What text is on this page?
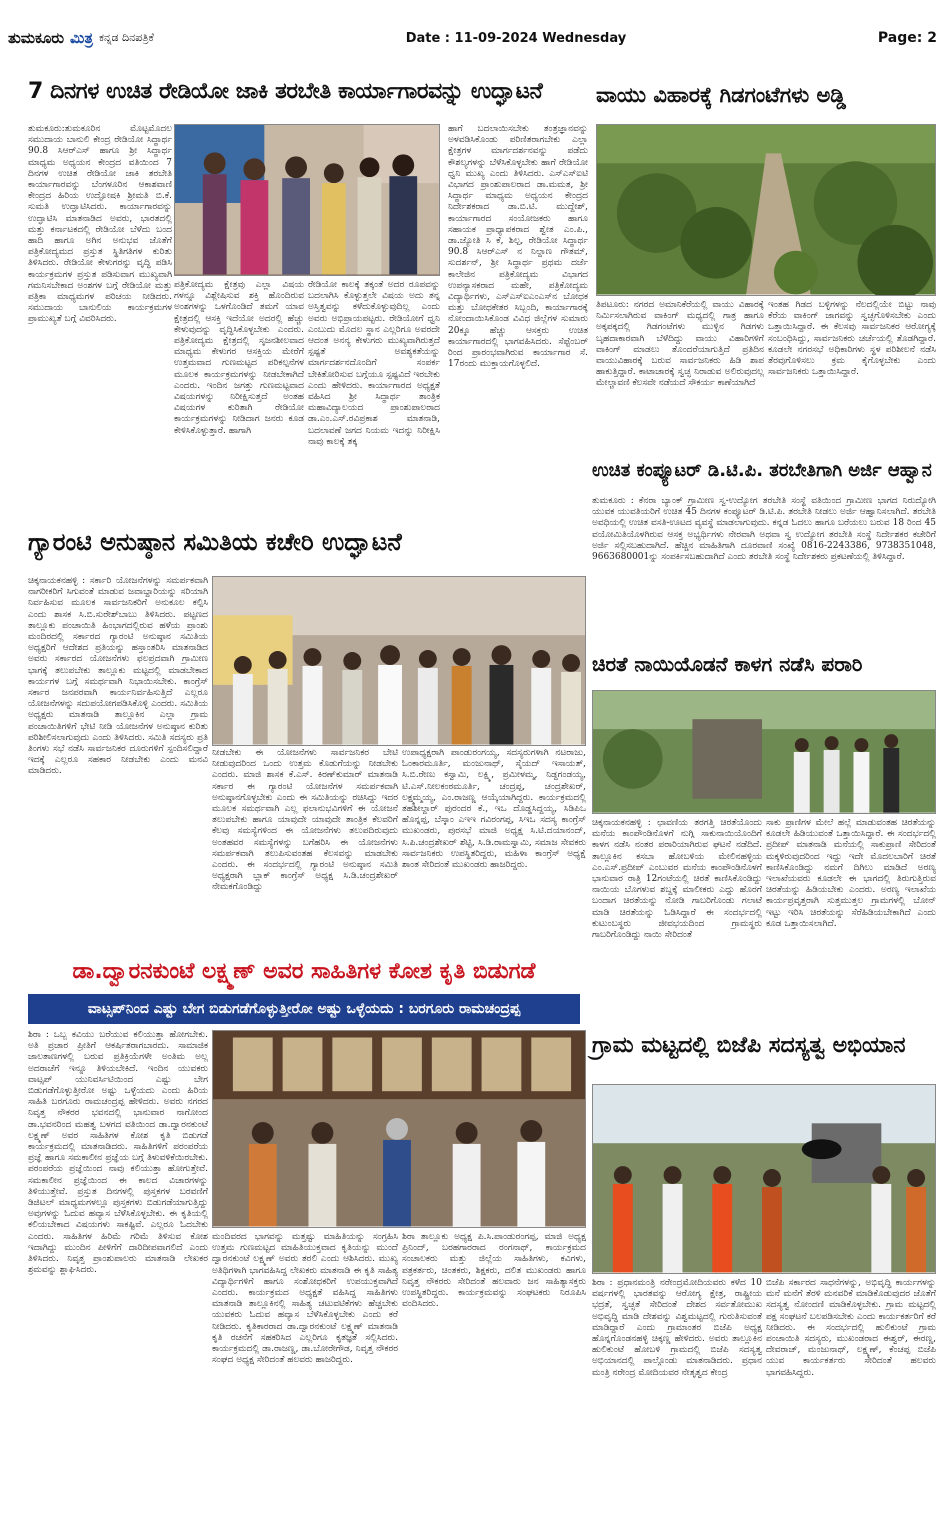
ತುಮಕೂರು ಮಿತ್ರ ಕನ್ನಡ ದಿನಪತ್ರಿಕೆ	Date : 11-09-2024 Wednesday	Page: 2
7 ದಿನಗಳ ಉಚಿತ ರೇಡಿಯೋ ಜಾಕಿ ತರಬೇತಿ ಕಾರ್ಯಾಗಾರವನ್ನು ಉದ್ಘಾಟನೆ
ತುಮಕೂರು:ತುಮಕೂರಿನ ಮೊಟ್ಟಮೊದಲ ಸಮುದಾಯ ಬಾನುಲಿ ಕೇಂದ್ರ ರೇಡಿಯೋ ಸಿದ್ಧಾರ್ಥ 90.8 ಸಿಆರ್‌ಎಸ್ ಹಾಗೂ ಶ್ರೀ ಸಿದ್ಧಾರ್ಥ ಮಾಧ್ಯಮ ಅಧ್ಯಯನ ಕೇಂದ್ರದ ವತಿಯಿಂದ 7 ದಿನಗಳ ಉಚಿತ ರೇಡಿಯೋ ಜಾಕಿ ತರಬೇತಿ ಕಾರ್ಯಾಗಾರವನ್ನು ಬೆಂಗಳೂರಿನ ಆಕಾಶವಾಣಿ ಕೇಂದ್ರದ ಹಿರಿಯ ಉದ್ಘೋಷಕಿ ಶ್ರೀಮತಿ ಬಿ.ಕೆ. ಸುಮತಿ ಉದ್ಘಾಟಿಸಿದರು. ಕಾರ್ಯಾಗಾರವನ್ನು ಉದ್ಘಾಟಿಸಿ ಮಾತನಾಡಿದ ಅವರು, ಭಾರತದಲ್ಲಿ ಮತ್ತು ಕರ್ನಾಟಕದಲ್ಲಿ ರೇಡಿಯೋ ಬೆಳೆದು ಬಂದ ಹಾದಿ ಹಾಗೂ ಅಗಿನ ಅನುಭವ ಜೊತೆಗೆ ಪತ್ರಿಕೋದ್ಯಮದ ಪ್ರಸ್ತುತ ಸ್ಥಿತಿಗತಿಗಳ ಕುರಿತು ತಿಳಿಸಿದರು. ರೇಡಿಯೋ ಕೇಳುಗರನ್ನು ವೃದ್ಧಿ ಪಡಿಸಿ ಕಾರ್ಯಕ್ರಮಗಳ ಪ್ರಸ್ತುತ ಪಡಿಸುವಾಗ ಮುಖ್ಯವಾಗಿ ಗಮನಿಸಬೇಕಾದ ಅಂಶಗಳ ಬಗ್ಗೆ ರೇಡಿಯೋ ಮತ್ತು ಪತ್ರಿಕಾ ಮಾಧ್ಯಮಗಳ ಪರಿಚಯ ನೀಡಿದರು. ಸಮುದಾಯ ಬಾನುಲಿಯ ಕಾರ್ಯಕ್ರಮಗಳ ಪ್ರಾಮುಖ್ಯತೆ ಬಗ್ಗೆ ವಿವರಿಸಿದರು.
ಪತ್ರಿಕೋದ್ಯಮ ಕ್ಷೇತ್ರವು ಎಲ್ಲಾ ವಿಷಯ ಗಳನ್ನೂ ವಿಶ್ಲೇಷಿಸುವ ಶಕ್ತಿ ಹೊಂದಿರುವ ಅಂಶಗಳನ್ನು ಒಳಗೊಂಡಿದೆ ತಮಗೆ ಯಾವ ಕ್ಷೇತ್ರದಲ್ಲಿ ಆಸಕ್ತಿ ಇದೆಯೋ ಅದರಲ್ಲಿ ಹೆಚ್ಚು ಕೇಳುವುದನ್ನು ವೃದ್ಧಿಸಿಕೊಳ್ಳಬೇಕು ಎಂದರು. ಪತ್ರಿಕೋದ್ಯಮ ಕ್ಷೇತ್ರದಲ್ಲಿ ಸೃಜನಶೀಲವಾದ ಮಾಧ್ಯಮ ಕೇಳುಗರ ಆಸಕ್ತಿಯ ಮೇರೆಗೆ ಉತ್ತಮವಾದ ಗುಣಮಟ್ಟದ ಪರಿಕಲ್ಪನೆಗಳ ಮೂಲಕ ಕಾರ್ಯಕ್ರಮಗಳನ್ನು ನೀಡಬೇಕಾಗಿದೆ ಎಂದರು. ಇಂದಿನ ಜಗತ್ತು ಗುಣಮಟ್ಟವಾದ ವಿಷಯಗಳನ್ನು ನಿರೀಕ್ಷಿಸುತ್ತದೆ ಅಂತಹ ವಿಷಯಗಳ ಕುರಿತಾಗಿ ರೇಡಿಯೋ ಕಾರ್ಯಕ್ರಮಗಳನ್ನು ನೀಡಿದಾಗ ಜನರು ಕೂಡ ಕೇಳಿಸಿಕೊಳ್ಳುತ್ತಾರೆ. ಹಾಗಾಗಿ
ರೇಡಿಯೋ ಕಾಲಕ್ಕೆ ತಕ್ಕಂತೆ ಅದರ ರೂಪವನ್ನು ಬದಲಾಗಿಸಿ ಕೊಳ್ಳುತ್ತಲೇ ವಿಷಯ ಅದು ತನ್ನ ಅಸ್ತಿತ್ವವನ್ನು ಕಳೆದುಕೊಳ್ಳುವುದಿಲ್ಲ ಎಂದು ಅವರು ಅಭಿಪ್ರಾಯಪಟ್ಟರು. ರೇಡಿಯೋಗೆ ಧ್ವನಿ ಎಂಬುದು ಮೊದಲ ಸ್ಥಾನ ಎಲ್ಲರಿಗೂ ಅವರದೇ ಆದಂತ ಅನನ್ಯ ಕೇಳುಗರು ಮುಖ್ಯವಾಗಿರುತ್ತದೆ ಸ್ಪಷ್ಟತೆ ಅವಶ್ಯಕತೆಯನ್ನು ಮಾರ್ಗದರ್ಶನದೊಂದಿಗೆ ಸಂಪರ್ಕ ಬೇಕಿತೋರಿಸುವ ಬಗ್ಗೆಯೂ ಸ್ಪಷ್ಟವಿದೆ ಇರಬೇಕು ಎಂದು ಹೇಳಿದರು. ಕಾರ್ಯಾಗಾರದ ಅಧ್ಯಕ್ಷತೆ ವಹಿಸಿದ ಶ್ರೀ ಸಿದ್ಧಾರ್ಥ ತಾಂತ್ರಿಕ ಮಹಾವಿದ್ಯಾಲಯದ ಪ್ರಾಂಶುಪಾಲರಾದ ಡಾ.ಎಂ.ಎಸ್.ರವಿಪ್ರಕಾಶ ಮಾತನಾಡಿ, ಬದಲಾವಣೆ ಜಗದ ನಿಯಮ ಇದನ್ನು ನಿರೀಕ್ಷಿಸಿ ನಾವು ಕಾಲಕ್ಕೆ ತಕ್ಕ
ಹಾಗೆ ಬದಲಾಯಿಸಬೇಕು ತಂತ್ರಜ್ಞಾನವನ್ನು ಅಳವಡಿಸಿಕೊಂಡು ಪರಿಣಿತರಾಗಬೇಕು ಎಲ್ಲಾ ಕ್ಷೇತ್ರಗಳ ಮಾರ್ಗದರ್ಶನವನ್ನು ಪಡೆದು ಕೌಶಲ್ಯಗಳನ್ನು ಬೆಳೆಸಿಕೊಳ್ಳಬೇಕು ಹಾಗೆ ರೇಡಿಯೋ ಧ್ವನಿ ಮುಖ್ಯ ಎಂದು ತಿಳಿಸಿದರು. ಎಸ್‌ಎಸ್‌ಐಟಿ ವಿಭಾಗದ ಪ್ರಾಂಶುಪಾಲರಾದ ಡಾ.ಮಮತ, ಶ್ರೀ ಸಿದ್ಧಾರ್ಥ ಮಾಧ್ಯಮ ಅಧ್ಯಯನ ಕೇಂದ್ರದ ನಿರ್ದೇಶಕರಾದ ಡಾ.ಬಿ.ಟಿ. ಮುದ್ದೇಶ್, ಕಾರ್ಯಾಗಾರದ ಸಂಯೋಜಕರು ಹಾಗೂ ಸಹಾಯಕ ಪ್ರಾಧ್ಯಾಪಕರಾದ ಶ್ವೇತ ಎಂ.ಪಿ., ಡಾ.ಜ್ಯೋತಿ ಸಿ ಕೆ, ಶಿಲ್ಪ, ರೇಡಿಯೋ ಸಿದ್ಧಾರ್ಥ 90.8 ಸಿಆರ್‌ಎಸ್ ನ ನಿಲ್ದಾಣ ಗೌತಮ್, ಸುದರ್ಶನ್, ಶ್ರೀ ಸಿದ್ಧಾರ್ಥ ಪ್ರಥಮ ದರ್ಜೆ ಕಾಲೇಜಿನ ಪತ್ರಿಕೋದ್ಯಮ ವಿಭಾಗದ ಉಪನ್ಯಾಸಕರಾದ ಮಹೇ, ಪತ್ರಿಕೋದ್ಯಮ ವಿದ್ಯಾರ್ಥಿಗಳು, ಎಸ್‌ಎಸ್‌ಐಎಂಎಸ್‌ನ ಬೋಧಕ ಮತ್ತು ಬೋಧಕೇತರ ಸಿಬ್ಬಂದಿ, ಕಾರ್ಯಾಗಾರಕ್ಕೆ ನೋಂದಾಯಿಸಿಕೊಂಡ ವಿವಿಧ ಜಿಲ್ಲೆಗಳ ಸುಮಾರು 20ಕ್ಕೂ ಹೆಚ್ಚು ಆಸಕ್ತರು ಉಚಿತ ಕಾರ್ಯಾಗಾರದಲ್ಲಿ ಭಾಗವಹಿಸಿದರು. ಸೆಪ್ಟೆಂಬರ್ ರಿಂದ ಪ್ರಾರಂಭವಾಗಿರುವ ಕಾರ್ಯಾಗಾರ ಸೆ. 17ರಂದು ಮುಕ್ತಾಯಗೊಳ್ಳಲಿದೆ.
ವಾಯು ವಿಹಾರಕ್ಕೆ ಗಿಡಗಂಟೆಗಳು ಅಡ್ಡಿ
ತಿಪಟೂರು: ನಗರದ ಅಮಾನಿಕೆರೆಯಲ್ಲಿ ವಾಯು ವಿಹಾರಕ್ಕೆ ನಿರ್ಮಿಸಲಾಗಿರುವ ವಾಕಿಂಗ್ ಮಧ್ಯದಲ್ಲಿ ಗಾತ್ರ ಹಾಗೂ ಅಕ್ಕಪಕ್ಕದಲ್ಲಿ ಗಿಡಗಂಟೆಗಳು ಮುಳ್ಳಿನ ಗಿಡಗಳು ಬೃಹದಾಕಾರವಾಗಿ ಬೆಳೆದಿದ್ದು ವಾಯು ವಿಹಾರಿಗಳಿಗೆ ವಾಕಿಂಗ್ ಮಾಡಲು ತೊಂದರೆಯಾಗುತ್ತಿದೆ ಪ್ರತಿದಿನ ವಾಯುವಿಹಾರಕ್ಕೆ ಬರುವ ಸಾರ್ವಜನಿಕರು ಹಿಡಿ ಶಾಪ ಹಾಕುತ್ತಿದ್ದಾರೆ. ಕಾಟಾಚಾರಕ್ಕೆ ಸ್ವಚ್ಛ ನಿರಾಡುವ ಅಲಿರುವುದಲ್ಲ ಮೇಲ್ಚಾವಣಿ ಕೆಲಸವೇ ನಡೆಯದೆ ಸೌಕರ್ಯ ಕಾಣೆಯಾಗಿದೆ
ಇಂತಹ ಗಿಡದ ಬಳ್ಳಿಗಳನ್ನು ನೆಲದಲ್ಲಿಯೇ ಬಿಟ್ಟು ನಾವು ಕೆರೆಯ ವಾಕಿಂಗ್ ಜಾಗವನ್ನು ಸ್ವಚ್ಛಗೊಳಿಸಬೇಕು ಎಂದು ಒತ್ತಾಯಿಸಿದ್ದಾರೆ. ಈ ಕೆಲಸವು ಸಾರ್ವಜನಿಕರ ಆರೋಗ್ಯಕ್ಕೆ ಸಂಬಂಧಿಸಿದ್ದು, ಸಾರ್ವಜನಿಕರು ಚರ್ಚೆಯಲ್ಲಿ ತೊಡಗಿದ್ದಾರೆ. ಕೂಡಲೇ ನಗರಸಭೆ ಅಧಿಕಾರಿಗಳು ಸ್ಥಳ ಪರಿಶೀಲನೆ ನಡೆಸಿ ತೆರವುಗೊಳಿಸಲು ಕ್ರಮ ಕೈಗೊಳ್ಳಬೇಕು ಎಂದು ಸಾರ್ವಜನಿಕರು ಒತ್ತಾಯಿಸಿದ್ದಾರೆ.
ಉಚಿತ ಕಂಪ್ಯೂಟರ್ ಡಿ.ಟಿ.ಪಿ. ತರಬೇತಿಗಾಗಿ ಅರ್ಜಿ ಆಹ್ವಾನ
ತುಮಕೂರು : ಕೆನರಾ ಬ್ಯಾಂಕ್ ಗ್ರಾಮೀಣ ಸ್ವ-ಉದ್ಯೋಗ ತರಬೇತಿ ಸಂಸ್ಥೆ ವತಿಯಿಂದ ಗ್ರಾಮೀಣ ಭಾಗದ ನಿರುದ್ಯೋಗಿ ಯುವಕ ಯುವತಿಯರಿಗೆ ಉಚಿತ 45 ದಿನಗಳ ಕಂಪ್ಯೂಟರ್ ಡಿ.ಟಿ.ಪಿ. ತರಬೇತಿ ನೀಡಲು ಅರ್ಜಿ ಆಹ್ವಾನಿಸಲಾಗಿದೆ. ತರಬೇತಿ ಅವಧಿಯಲ್ಲಿ ಉಚಿತ ವಸತಿ-ಊಟದ ವ್ಯವಸ್ಥೆ ಮಾಡಲಾಗುವುದು. ಕನ್ನಡ ಓದಲು ಹಾಗೂ ಬರೆಯಲು ಬರುವ 18 ರಿಂದ 45 ವಯೋಮಿತಿಯೊಳಗಿರುವ ಆಸಕ್ತ ಅಭ್ಯರ್ಥಿಗಳು ನೇರವಾಗಿ ಅಥವಾ ಸ್ವ ಉದ್ಯೋಗ ತರಬೇತಿ ಸಂಸ್ಥೆ ನಿರ್ದೇಶಕರ ಕಚೇರಿಗೆ ಅರ್ಜಿ ಸಲ್ಲಿಸಬಹುದಾಗಿದೆ. ಹೆಚ್ಚಿನ ಮಾಹಿತಿಗಾಗಿ ದೂರವಾಣಿ ಸಂಖ್ಯೆ 0816-2243386, 9738351048, 9663680001ನ್ನು ಸಂಪರ್ಕಿಸಬಹುದಾಗಿದೆ ಎಂದು ತರಬೇತಿ ಸಂಸ್ಥೆ ನಿರ್ದೇಶಕರು ಪ್ರಕಟಣೆಯಲ್ಲಿ ತಿಳಿಸಿದ್ದಾರೆ.
ಗ್ಯಾರಂಟಿ ಅನುಷ್ಠಾನ ಸಮಿತಿಯ ಕಚೇರಿ ಉದ್ಘಾಟನೆ
ಚಿಕ್ಕನಾಯಕನಹಳ್ಳಿ : ಸರ್ಕಾರಿ ಯೋಜನೆಗಳನ್ನು ಸಮರ್ಪಕವಾಗಿ ನಾಗರೀಕರಿಗೆ ಸಿಗುವಂತೆ ಮಾಡುವ ಜವಾಬ್ದಾರಿಯನ್ನು ಸರಿಯಾಗಿ ನಿರ್ವಹಿಸುವ ಮೂಲಕ ಸಾರ್ವಜನಿಕರಿಗೆ ಅನುಕೂಲ ಕಲ್ಪಿಸಿ ಎಂದು ಶಾಸಕ ಸಿ.ಬಿ.ಸುರೇಶ್‌ಬಾಬು ತಿಳಿಸಿದರು. ಪಟ್ಟಣದ ತಾಲ್ಲೂಕು ಪಂಚಾಯಿತಿ ಹಿಂಭಾಗದಲ್ಲಿರುವ ಹಳೆಯ ಪ್ರಾಂಶು ಮಂದಿರದಲ್ಲಿ ಸರ್ಕಾರದ ಗ್ಯಾರಂಟಿ ಅನುಷ್ಠಾನ ಸಮಿತಿಯ ಅಧ್ಯಕ್ಷರಿಗೆ ಆದೇಶದ ಪ್ರತಿಯನ್ನು ಹಸ್ತಾಂತರಿಸಿ ಮಾತನಾಡಿದ ಅವರು ಸರ್ಕಾರದ ಯೋಜನೆಗಳು ಫಲಪ್ರದವಾಗಿ ಗ್ರಾಮೀಣ ಭಾಗಕ್ಕೆ ತಲುಪಬೇಕು ತಾಲ್ಲೂಕು ಮಟ್ಟದಲ್ಲಿ ಮಾಡಬೇಕಾದ ಕಾರ್ಯಗಳ ಬಗ್ಗೆ ಸಮರ್ಥವಾಗಿ ನಿಭಾಯಿಸಬೇಕು. ಕಾಂಗ್ರೆಸ್ ಸರ್ಕಾರ ಜನಪರವಾಗಿ ಕಾರ್ಯನಿರ್ವಹಿಸುತ್ತಿದೆ ಎಲ್ಲರೂ ಯೋಜನೆಗಳನ್ನು ಸದುಪಯೋಗಪಡಿಸಿಕೊಳ್ಳಿ ಎಂದರು. ಸಮಿತಿಯ ಅಧ್ಯಕ್ಷರು ಮಾತನಾಡಿ ತಾಲ್ಲೂಕಿನ ಎಲ್ಲಾ ಗ್ರಾಮ ಪಂಚಾಯಿತಿಗಳಿಗೆ ಭೇಟಿ ನೀಡಿ ಯೋಜನೆಗಳ ಅನುಷ್ಠಾನ ಕುರಿತು ಪರಿಶೀಲಿಸಲಾಗುವುದು ಎಂದು ತಿಳಿಸಿದರು. ಸಮಿತಿ ಸದಸ್ಯರು ಪ್ರತಿ ತಿಂಗಳು ಸಭೆ ನಡೆಸಿ ಸಾರ್ವಜನಿಕರ ದೂರುಗಳಿಗೆ ಸ್ಪಂದಿಸಲಿದ್ದಾರೆ ಇದಕ್ಕೆ ಎಲ್ಲರೂ ಸಹಕಾರ ನೀಡಬೇಕು ಎಂದು ಮನವಿ ಮಾಡಿದರು.
ನೀಡಬೇಕು ಈ ಯೋಜನೆಗಳು ಸಾರ್ವಜನಿಕರ ಬೇಟಿ ನೀಡುವುದರಿಂದ ಒಂದು ಉತ್ತಮ ಕೊಡುಗೆಯನ್ನು ನೀಡಬೇಕು ಎಂದರು. ಮಾಜಿ ಶಾಸಕ ಕೆ.ಎಸ್. ಕಿರಣ್‌ಕುಮಾರ್ ಮಾತನಾಡಿ ಸರ್ಕಾರ ಈ ಗ್ಯಾರಂಟಿ ಯೋಜನೆಗಳ ಸಮರ್ಪಕವಾಗಿ ಅನುಷ್ಠಾನಗೊಳ್ಳಬೇಕು ಎಂದು ಈ ಸಮಿತಿಯನ್ನು ರಚಿಸಿದ್ದು ಇದರ ಮೂಲಕ ಸಮರ್ಥವಾಗಿ ಎಲ್ಲ ಫಲಾನುಭವಿಗಳಿಗೆ ಈ ಯೋಜನೆ ತಲುಪಬೇಕು ಹಾಗೂ ಯಾವುದೇ ಯಾವುದೇ ತಾಂತ್ರಿಕ ಕೆಲವರಿಗೆ ಕೆಲವು ಸಮಸ್ಯೆಗಳಿಂದ ಈ ಯೋಜನೆಗಳು ತಲುಪದಿರುವುದು ಅಂತಹವರ ಸಮಸ್ಯೆಗಳನ್ನು ಬಗೆಹರಿಸಿ ಈ ಯೋಜನೆಗಳು ಸಮರ್ಪಕವಾಗಿ ತಲುಪಿಸುವಂತಹ ಕೆಲಸವನ್ನು ಮಾಡಬೇಕು ಎಂದರು. ಈ ಸಂದರ್ಭದಲ್ಲಿ ಗ್ಯಾರಂಟಿ ಅನುಷ್ಠಾನ ಸಮಿತಿ ಅಧ್ಯಕ್ಷರಾಗಿ ಬ್ಲಾಕ್ ಕಾಂಗ್ರೆಸ್ ಅಧ್ಯಕ್ಷ ಸಿ.ಡಿ.ಚಂದ್ರಶೇಖರ್ ನೇಮಕಗೊಂಡಿದ್ದು
ಉಪಾಧ್ಯಕ್ಷರಾಗಿ ಪಾಂಡುರಂಗಯ್ಯ, ಸದಸ್ಯರುಗಳಾಗಿ ನಟರಾಜು, ಓಂಕಾರಮೂರ್ತಿ, ಮಂಜುನಾಥ್, ಸೈಯದ್ ಇಸಾಯತ್, ಸಿ.ಬಿ.ರೇಣು ಕಸ್ವಾಮಿ, ಲಕ್ಷ್ಮಿ, ಪ್ರಮೀಳಮ್ಮ, ನಿಡ್ದಗಂಡಯ್ಯ, ಟಿ.ಎಸ್.ನೀಲಕಂಠಮೂರ್ತಿ, ಚಂದ್ರಪ್ಪ, ಚಂದ್ರಶೇಖರ್, ಲಕ್ಷ್ಮಮ್ಮಯ್ಯ, ಎಂ.ರಾಜಣ್ಣ ಆಯ್ಕೆಯಾಗಿದ್ದರು. ಕಾರ್ಯಕ್ರಮದಲ್ಲಿ ತಹಶೀಲ್ದಾರ್ ಪುರಂದರ ಕೆ., ಇಒ ದೊಡ್ಡಸಿದ್ದಯ್ಯ, ಸಿಡಿಪಿಒ ಹೊನ್ನಪ್ಪ, ಬೆಸ್ಕಾಂ ಎಇಇ ಗವಿರಂಗಪ್ಪ, ಸಿಇಒ ಸದಸ್ಯ ಕಾಂಗ್ರೆಸ್ ಮುಖಂಡರು, ಪುರಸಭೆ ಮಾಜಿ ಅಧ್ಯಕ್ಷ ಸಿ.ಟಿ.ದಯಾನಂದ್, ಸಿ.ಪಿ.ಚಂದ್ರಶೇಖರ್ ಶೆಟ್ಟಿ, ಸಿ.ಡಿ.ರಾಮಸ್ವಾಮಿ, ಸಮಾಜ ಸೇವಕರು ಸಾರ್ವಜನಿಕರು ಉಪಸ್ಥಿತರಿದ್ದರು, ಮಹಿಳಾ ಕಾಂಗ್ರೆಸ್ ಅಧ್ಯಕ್ಷೆ ಶಾಂತ ಸೇರಿದಂತೆ ಮುಖಂಡರು ಹಾಜರಿದ್ದರು.
ಚಿರತೆ ನಾಯಿಯೊಡನೆ ಕಾಳಗ ನಡೆಸಿ ಪರಾರಿ
ಚಿಕ್ಕನಾಯಕನಹಳ್ಳಿ : ಛಾವಣಿಯ ತರಗತ್ತಿ ಚಿರತೆಯೊಂದು ಮನೆಯ ಕಾಂಪೌಂಡಿನೊಳಗೆ ನುಗ್ಗಿ ಸಾಕುನಾಯಿಯೊಂದಿಗೆ ಕಾಳಗ ನಡೆಸಿ ನಂತರ ಪರಾರಿಯಾಗಿರುವ ಘಟನೆ ನಡೆದಿದೆ. ತಾಲ್ಲೂಕಿನ ಕಸಬಾ ಹೋಬಳಿಯ ಮೇಲಿನಹಳ್ಳಿಯ ಎಂ.ಎಸ್.ಪ್ರದೀಪ್ ಎಂಬುವರ ಮನೆಯ ಕಾಂಪೌಂಡಿನೊಳಗೆ ಭಾನುವಾರ ರಾತ್ರಿ 12ಗಂಟೆಯಲ್ಲಿ ಚಿರತೆ ಕಾಣಿಸಿಕೊಂಡಿದ್ದು ನಾಯಿಯ ಬೊಗಳುವ ಶಬ್ದಕ್ಕೆ ಮಾಲೀಕರು ಎದ್ದು ಹೊರಗೆ ಬಂದಾಗ ಚಿರತೆಯನ್ನು ನೋಡಿ ಗಾಬರಿಗೊಂಡು ಗಲಾಟೆ ಮಾಡಿ ಚಿರತೆಯನ್ನು ಓಡಿಸಿದ್ದಾರೆ ಈ ಸಂದರ್ಭದಲ್ಲಿ ಕುಟುಂಬಸ್ಥರು ಜೀವಭಯದಿಂದ ಗ್ರಾಮಸ್ಥರು ಗಾಬರಿಗೊಂಡಿದ್ದು ನಾಯಿ ಸೇರಿದಂತೆ
ಸಾಕು ಪ್ರಾಣಿಗಳ ಮೇಲೆ ಹಲ್ಲೆ ಮಾಡುವಂತಹ ಚಿರತೆಯನ್ನು ಕೂಡಲೇ ಹಿಡಿಯುವಂತೆ ಒತ್ತಾಯಿಸಿದ್ದಾರೆ. ಈ ಸಂದರ್ಭದಲ್ಲಿ ಪ್ರದೀಪ್ ಮಾತನಾಡಿ ಮನೆಯಲ್ಲಿ ಸಾಕುಪ್ರಾಣಿ ಸೇರಿದಂತೆ ಮಕ್ಕಳಿರುವುದರಿಂದ ಇದ್ದು ಇದೇ ಮೊದಲಬಾರಿಗೆ ಚಿರತೆ ಕಾಣಿಸಿಕೊಂಡಿದ್ದು ನಮಗೆ ದಿಗಿಲು ಮಾಡಿದೆ ಅರಣ್ಯ ಇಲಾಖೆಯವರು ಕೂಡಲೇ ಈ ಭಾಗದಲ್ಲಿ ತಿರುಗುತ್ತಿರುವ ಚಿರತೆಯನ್ನು ಹಿಡಿಯಬೇಕು ಎಂದರು. ಅರಣ್ಯ ಇಲಾಖೆಯ ಕಾರ್ಯಪ್ರವೃತ್ತರಾಗಿ ಸುತ್ತಮುತ್ತಲ ಗ್ರಾಮಗಳಲ್ಲಿ ಬೋನ್ ಇಟ್ಟು ಇರಿಸಿ ಚಿರತೆಯನ್ನು ಸೆರೆಹಿಡಿಯಬೇಕಾಗಿದೆ ಎಂದು ಕೂಡ ಒತ್ತಾಯಿಸಲಾಗಿದೆ.
ಡಾ.ದ್ವಾರನಕುಂಟೆ ಲಕ್ಷ್ಮಣ್ ಅವರ ಸಾಹಿತಿಗಳ ಕೋಶ ಕೃತಿ ಬಿಡುಗಡೆ
ವಾಟ್ಸಪ್‌ನಿಂದ ಎಷ್ಟು ಬೇಗ ಬಿಡುಗಡೆಗೊಳ್ಳುತ್ತೀರೋ ಅಷ್ಟು ಒಳ್ಳೆಯದು : ಬರಗೂರು ರಾಮಚಂದ್ರಪ್ಪ
ಶಿರಾ : ಒಬ್ಬ ಕವಿಯು ಬರೆಯುವ ಕಲಿಯುತ್ತಾ ಹೋಗಬೇಕು. ಅತಿ ಪ್ರಚಾರ ಪ್ರೀತಿಗೆ ಆಕರ್ಷಿತರಾಗಬಾರದು. ಸಾಮಾಜಿಕ ಜಾಲತಾಣಗಳಲ್ಲಿ ಬರುವ ಪ್ರತಿಕ್ರಿಯೆಗಳೇ ಅಂತಿಮ ಅಲ್ಲ ಅದರಾಚೆಗೆ ಇನ್ನೂ ತಿಳಿಯಬೇಕಿದೆ. ಇಂದಿನ ಯುವಕರು ವಾಟ್ಸಪ್ ಯುನಿವರ್ಸಿಟಿಯಿಂದ ಎಷ್ಟು ಬೇಗ ಬಿಡುಗಡೆಗೊಳ್ಳುತ್ತೀರೋ ಅಷ್ಟು ಒಳ್ಳೆಯದು ಎಂದು ಹಿರಿಯ ಸಾಹಿತಿ ಬರಗೂರು ರಾಮಚಂದ್ರಪ್ಪ ಹೇಳಿದರು. ಅವರು ನಗರದ ನಿವೃತ್ತ ನೌಕರರ ಭವನದಲ್ಲಿ ಭಾನುವಾರ ನಾಗೋಂದ ಡಾ.ಭವನರಿಂದ ಮಹತ್ವ ಬಳಗದ ವತಿಯಿಂದ ಡಾ.ದ್ವಾರನಕುಂಟೆ ಲಕ್ಷ್ಮಣ್ ಅವರ ಸಾಹಿತಿಗಳ ಕೋಶ ಕೃತಿ ಬಿಡುಗಡೆ ಕಾರ್ಯಕ್ರಮದಲ್ಲಿ ಮಾತನಾಡಿದರು. ಸಾಹಿತಿಗಳಿಗೆ ಪರಂಪರೆಯ ಪ್ರಜ್ಞೆ ಹಾಗೂ ಸಮಕಾಲೀನ ಪ್ರಜ್ಞೆಯ ಬಗ್ಗೆ ತಿಳುವಳಿಕೆಯಿರಬೇಕು. ಪರಂಪರೆಯ ಪ್ರಜ್ಞೆಯಿಂದ ನಾವು ಕಲಿಯುತ್ತಾ ಹೋಗುತ್ತೇವೆ. ಸಮಕಾಲೀನ ಪ್ರಜ್ಞೆಯಿಂದ ಈ ಕಾಲದ ವಿಚಾರಗಳನ್ನು ತಿಳಿಯುತ್ತೇವೆ. ಪ್ರಸ್ತುತ ದಿನಗಳಲ್ಲಿ ಪುಸ್ತಕಗಳ ಬರವಣಿಗೆ ಡಿಜಿಟಲ್ ಮಾಧ್ಯಮಗಳಲ್ಲೂ ಪುಸ್ತಕಗಳು ಬಿಡುಗಡೆಯಾಗುತ್ತಿದ್ದು ಅವುಗಳನ್ನು ಓದುವ ಹವ್ಯಾಸ ಬೆಳೆಸಿಕೊಳ್ಳಬೇಕು. ಈ ಕೃತಿಯಲ್ಲಿ ಕಲಿಯಬೇಕಾದ ವಿಷಯಗಳು ಸಾಕಷ್ಟಿವೆ. ಎಲ್ಲರೂ ಓದಬೇಕು ಎಂದರು. ಸಾಹಿತಿಗಳ ಹಿರಿಮೆ ಗರಿಮೆ ತಿಳಿಸುವ ಕೋಶ ಇದಾಗಿದ್ದು ಮುಂದಿನ ಪೀಳಿಗೆಗೆ ದಾರಿದೀಪವಾಗಲಿದೆ ಎಂದು ತಿಳಿಸಿದರು. ನಿವೃತ್ತ ಪ್ರಾಂಶುಪಾಲರು ಮಾತನಾಡಿ ಲೇಖಕರ ಶ್ರಮವನ್ನು ಶ್ಲಾಘಿಸಿದರು.
ಮಂದಿವರದ ಭಾಗವನ್ನು ಮತ್ತಷ್ಟು ಮಾಹಿತಿಯನ್ನು ಸಂಗ್ರಹಿಸಿ ಉತ್ತಮ ಗುಣಮಟ್ಟದ ಮಾಹಿತಿಯುಕ್ತವಾದ ಕೃತಿಯನ್ನು ಮುಂದೆ ದ್ವಾರನಕುಂಟೆ ಲಕ್ಷ್ಮಣ್ ಅವರು ತರಲಿ ಎಂದು ಆಶಿಸಿದರು. ಮುಖ್ಯ ಅತಿಥಿಗಳಾಗಿ ಭಾಗವಹಿಸಿದ್ದ ಲೇಖಕರು ಮಾತನಾಡಿ ಈ ಕೃತಿ ಸಾಹಿತ್ಯ ವಿದ್ಯಾರ್ಥಿಗಳಿಗೆ ಹಾಗೂ ಸಂಶೋಧಕರಿಗೆ ಉಪಯುಕ್ತವಾಗಿದೆ ಎಂದರು. ಕಾರ್ಯಕ್ರಮದ ಅಧ್ಯಕ್ಷತೆ ವಹಿಸಿದ್ದ ಸಾಹಿತಿಗಳು ಮಾತನಾಡಿ ತಾಲ್ಲೂಕಿನಲ್ಲಿ ಸಾಹಿತ್ಯ ಚಟುವಟಿಕೆಗಳು ಹೆಚ್ಚಬೇಕು ಯುವಕರು ಓದುವ ಹವ್ಯಾಸ ಬೆಳೆಸಿಕೊಳ್ಳಬೇಕು ಎಂದು ಕರೆ ನೀಡಿದರು. ಕೃತಿಕಾರರಾದ ಡಾ.ದ್ವಾರನಕುಂಟೆ ಲಕ್ಷ್ಮಣ್ ಮಾತನಾಡಿ ಕೃತಿ ರಚನೆಗೆ ಸಹಕರಿಸಿದ ಎಲ್ಲರಿಗೂ ಕೃತಜ್ಞತೆ ಸಲ್ಲಿಸಿದರು. ಕಾರ್ಯಕ್ರಮದಲ್ಲಿ ಡಾ.ರಾಜಣ್ಣ, ಡಾ.ಬೋರೇಗೌಡ, ನಿವೃತ್ತ ನೌಕರರ ಸಂಘದ ಅಧ್ಯಕ್ಷ ಸೇರಿದಂತೆ ಹಲವರು ಹಾಜರಿದ್ದರು.
ಶಿರಾ ತಾಲ್ಲೂಕು ಅಧ್ಯಕ್ಷ ಪಿ.ಸಿ.ಪಾಂಡುರಂಗಪ್ಪ, ಮಾಜಿ ಅಧ್ಯಕ್ಷ ಪ್ರಿನಿಂದ್, ಬರಹಗಾರರಾದ ರಂಗನಾಥ್, ಕಾರ್ಯಕ್ರಮದ ಸಂಚಾಲಕರು ಮತ್ತು ಜಿಲ್ಲೆಯ ಸಾಹಿತಿಗಳು, ಕವಿಗಳು, ಪತ್ರಕರ್ತರು, ಚಿಂತಕರು, ಶಿಕ್ಷಕರು, ದಲಿತ ಮುಖಂಡರು ಹಾಗೂ ನಿವೃತ್ತ ನೌಕರರು ಸೇರಿದಂತೆ ಹಲವಾರು ಜನ ಸಾಹಿತ್ಯಾಸಕ್ತರು ಉಪಸ್ಥಿತರಿದ್ದರು. ಕಾರ್ಯಕ್ರಮವನ್ನು ಸಂಘಟಕರು ನಿರೂಪಿಸಿ ವಂದಿಸಿದರು.
ಗ್ರಾಮ ಮಟ್ಟದಲ್ಲಿ ಬಿಜೆಪಿ ಸದಸ್ಯತ್ವ ಅಭಿಯಾನ
ಶಿರಾ : ಪ್ರಧಾನಮಂತ್ರಿ ನರೇಂದ್ರಮೋದಿಯವರು ಕಳೆದ 10 ವರ್ಷಗಳಲ್ಲಿ ಭಾರತವನ್ನು ಆರೋಗ್ಯ ಕ್ಷೇತ್ರ, ರಾಷ್ಟ್ರೀಯ ಭದ್ರತೆ, ಸ್ವಚ್ಛತೆ ಸೇರಿದಂತೆ ದೇಶದ ಸರ್ವತೋಮುಖ ಅಭಿವೃದ್ಧಿ ಮಾಡಿ ದೇಶವನ್ನು ವಿಶ್ವಮಟ್ಟದಲ್ಲಿ ಗುರುತಿಸುವಂತೆ ಮಾಡಿದ್ದಾರೆ ಎಂದು ಗ್ರಾಮಾಂತರ ಬಿಜೆಪಿ ಅಧ್ಯಕ್ಷ ಹೊನ್ನಗೊಂಡನಹಳ್ಳಿ ಚಿಕ್ಕಣ್ಣ ಹೇಳಿದರು. ಅವರು ತಾಲ್ಲೂಕಿನ ಹುಲಿಕುಂಟೆ ಹೋಬಳಿ ಗ್ರಾಮದಲ್ಲಿ ಬಿಜೆಪಿ ಸದಸ್ಯತ್ವ ಅಭಿಯಾನದಲ್ಲಿ ಪಾಲ್ಗೊಂಡು ಮಾತನಾಡಿದರು. ಪ್ರಧಾನ ಮಂತ್ರಿ ನರೇಂದ್ರ ಮೋದಿಯವರ ನೇತೃತ್ವದ ಕೇಂದ್ರ
ಬಿಜೆಪಿ ಸರ್ಕಾರದ ಸಾಧನೆಗಳನ್ನು, ಅಭಿವೃದ್ಧಿ ಕಾರ್ಯಗಳನ್ನು ಮನೆ ಮನೆಗೆ ತೆರಳಿ ಮನವರಿಕೆ ಮಾಡಿಕೊಡುವುದರ ಜೊತೆಗೆ ಸದಸ್ಯತ್ವ ನೋಂದಣಿ ಮಾಡಿಕೊಳ್ಳಬೇಕು. ಗ್ರಾಮ ಮಟ್ಟದಲ್ಲಿ ಪಕ್ಷ ಸಂಘಟನೆ ಬಲಪಡಿಸಬೇಕು ಎಂದು ಕಾರ್ಯಕರ್ತರಿಗೆ ಕರೆ ನೀಡಿದರು. ಈ ಸಂದರ್ಭದಲ್ಲಿ ಹುಲಿಕುಂಟೆ ಗ್ರಾಮ ಪಂಚಾಯಿತಿ ಸದಸ್ಯರು, ಮುಖಂಡರಾದ ಈಶ್ವರ್, ಈರಣ್ಣ, ದೇವರಾಜ್, ಮಂಜುನಾಥ್, ಲಕ್ಷ್ಮಣ್, ಕೆಂಚಪ್ಪ ಬಿಜೆಪಿ ಯುವ ಕಾರ್ಯಕರ್ತರು ಸೇರಿದಂತೆ ಹಲವರು ಭಾಗವಹಿಸಿದ್ದರು.
